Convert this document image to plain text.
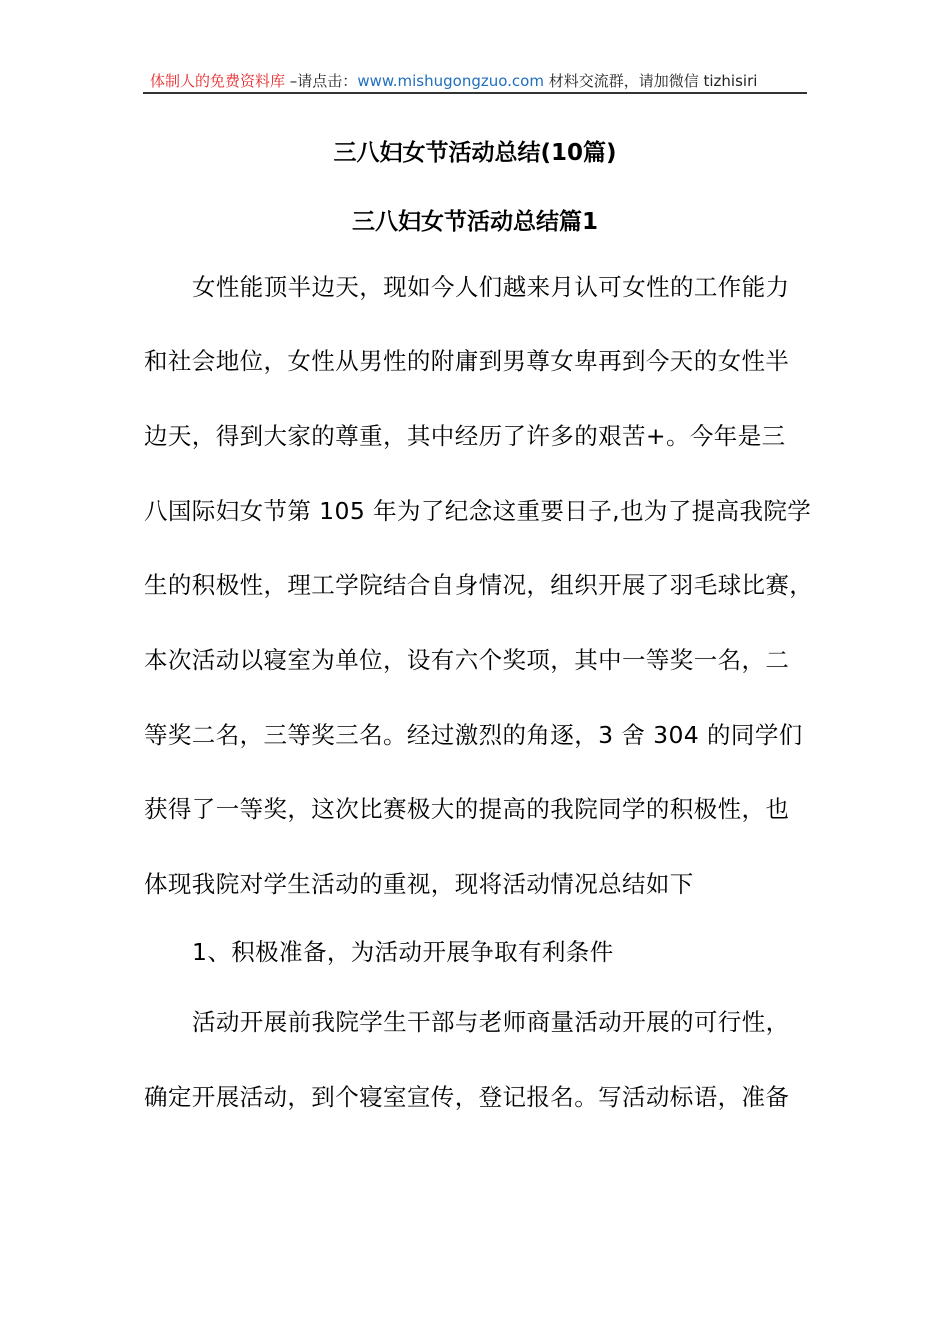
体制人的免费资料库 –请点击：www.mishugongzuo.com 材料交流群，请加微信 tizhisiri
三八妇女节活动总结(10篇)
三八妇女节活动总结篇1
女性能顶半边天，现如今人们越来月认可女性的工作能力
和社会地位，女性从男性的附庸到男尊女卑再到今天的女性半
边天，得到大家的尊重，其中经历了许多的艰苦+。今年是三
八国际妇女节第 105 年为了纪念这重要日子,也为了提高我院学
生的积极性，理工学院结合自身情况，组织开展了羽毛球比赛，
本次活动以寝室为单位，设有六个奖项，其中一等奖一名，二
等奖二名，三等奖三名。经过激烈的角逐，3 舍 304 的同学们
获得了一等奖，这次比赛极大的提高的我院同学的积极性，也
体现我院对学生活动的重视，现将活动情况总结如下
1、积极准备，为活动开展争取有利条件
活动开展前我院学生干部与老师商量活动开展的可行性，
确定开展活动，到个寝室宣传，登记报名。写活动标语，准备
